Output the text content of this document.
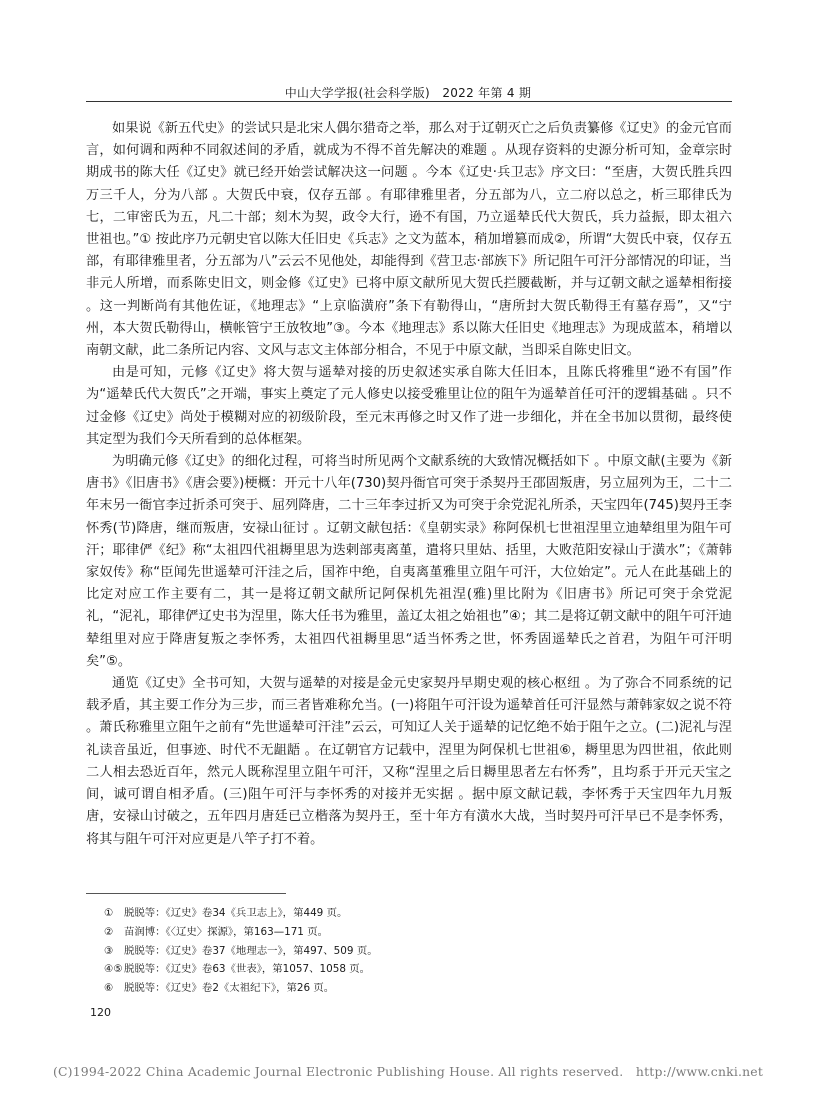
中山大学学报(社会科学版)　2022 年第 4 期

如果说《新五代史》的尝试只是北宋人偶尔猎奇之举，那么对于辽朝灭亡之后负责纂修《辽史》的金元官而言，如何调和两种不同叙述间的矛盾，就成为不得不首先解决的难题 。从现存资料的史源分析可知，金章宗时期成书的陈大任《辽史》就已经开始尝试解决这一问题 。今本《辽史·兵卫志》序文曰：“至唐，大贺氏胜兵四万三千人，分为八部 。大贺氏中衰，仅存五部 。有耶律雅里者，分五部为八，立二府以总之，析三耶律氏为七，二审密氏为五，凡二十部；刻木为契，政令大行，逊不有国，乃立遥辇氏代大贺氏，兵力益振，即太祖六世祖也。”① 按此序乃元朝史官以陈大任旧史《兵志》之文为蓝本，稍加增篡而成②，所谓“大贺氏中衰，仅存五部，有耶律雅里者，分五部为八”云云不见他处，却能得到《营卫志·部族下》所记阻午可汗分部情况的印证，当非元人所增，而系陈史旧文，则金修《辽史》已将中原文献所见大贺氏拦腰截断，并与辽朝文献之遥辇相衔接 。这一判断尚有其他佐证，《地理志》“上京临潢府”条下有勒得山，“唐所封大贺氏勒得王有墓存焉”，又“宁州，本大贺氏勒得山，横帐管宁王放牧地”③。今本《地理志》系以陈大任旧史《地理志》为现成蓝本，稍增以南朝文献，此二条所记内容、文风与志文主体部分相合，不见于中原文献，当即采自陈史旧文。

由是可知，元修《辽史》将大贺与遥辇对接的历史叙述实承自陈大任旧本，且陈氏将雅里“逊不有国”作为“遥辇氏代大贺氏”之开端，事实上奠定了元人修史以接受雅里让位的阻午为遥辇首任可汗的逻辑基础 。只不过金修《辽史》尚处于模糊对应的初级阶段，至元末再修之时又作了进一步细化，并在全书加以贯彻，最终使其定型为我们今天所看到的总体框架。

为明确元修《辽史》的细化过程，可将当时所见两个文献系统的大致情况概括如下 。中原文献(主要为《新唐书》《旧唐书》《唐会要》)梗概：开元十八年(730)契丹衙官可突于杀契丹王邵固叛唐，另立屈列为王，二十二年末另一衙官李过折杀可突于、屈列降唐，二十三年李过折又为可突于余党泥礼所杀，天宝四年(745)契丹王李怀秀(节)降唐，继而叛唐，安禄山征讨 。辽朝文献包括：《皇朝实录》称阿保机七世祖涅里立迪辇组里为阻午可汗；耶律俨《纪》称“太祖四代祖耨里思为迭剌部夷离堇，遣将只里姑、括里，大败范阳安禄山于潢水”；《萧韩家奴传》称“臣闻先世遥辇可汗洼之后，国祚中绝，自夷离堇雅里立阻午可汗，大位始定”。元人在此基础上的比定对应工作主要有二，其一是将辽朝文献所记阿保机先祖涅(雅)里比附为《旧唐书》所记可突于余党泥礼，“泥礼，耶律俨辽史书为涅里，陈大任书为雅里，盖辽太祖之始祖也”④；其二是将辽朝文献中的阻午可汗迪辇组里对应于降唐复叛之李怀秀，太祖四代祖耨里思“适当怀秀之世，怀秀固遥辇氏之首君，为阻午可汗明矣”⑤。

通览《辽史》全书可知，大贺与遥辇的对接是金元史家契丹早期史观的核心枢纽 。为了弥合不同系统的记载矛盾，其主要工作分为三步，而三者皆难称允当。(一)将阻午可汗设为遥辇首任可汗显然与萧韩家奴之说不符 。萧氏称雅里立阻午之前有“先世遥辇可汗洼”云云，可知辽人关于遥辇的记忆绝不始于阻午之立。(二)泥礼与涅礼读音虽近，但事迹、时代不无龃龉 。在辽朝官方记载中，涅里为阿保机七世祖⑥，耨里思为四世祖，依此则二人相去恐近百年，然元人既称涅里立阻午可汗，又称“涅里之后日耨里思者左右怀秀”，且均系于开元天宝之间，诚可谓自相矛盾。(三)阻午可汗与李怀秀的对接并无实据 。据中原文献记载，李怀秀于天宝四年九月叛唐，安禄山讨破之，五年四月唐廷已立楷落为契丹王，至十年方有潢水大战，当时契丹可汗早已不是李怀秀，将其与阻午可汗对应更是八竿子打不着。

① 脱脱等：《辽史》卷34《兵卫志上》，第449 页。
② 苗润博：《〈辽史〉探源》，第163—171 页。
③ 脱脱等：《辽史》卷37《地理志一》，第497、509 页。
④⑤脱脱等：《辽史》卷63《世表》，第1057、1058 页。
⑥ 脱脱等：《辽史》卷2《太祖纪下》，第26 页。
120
(C)1994-2022 China Academic Journal Electronic Publishing House. All rights reserved.　http://www.cnki.net
